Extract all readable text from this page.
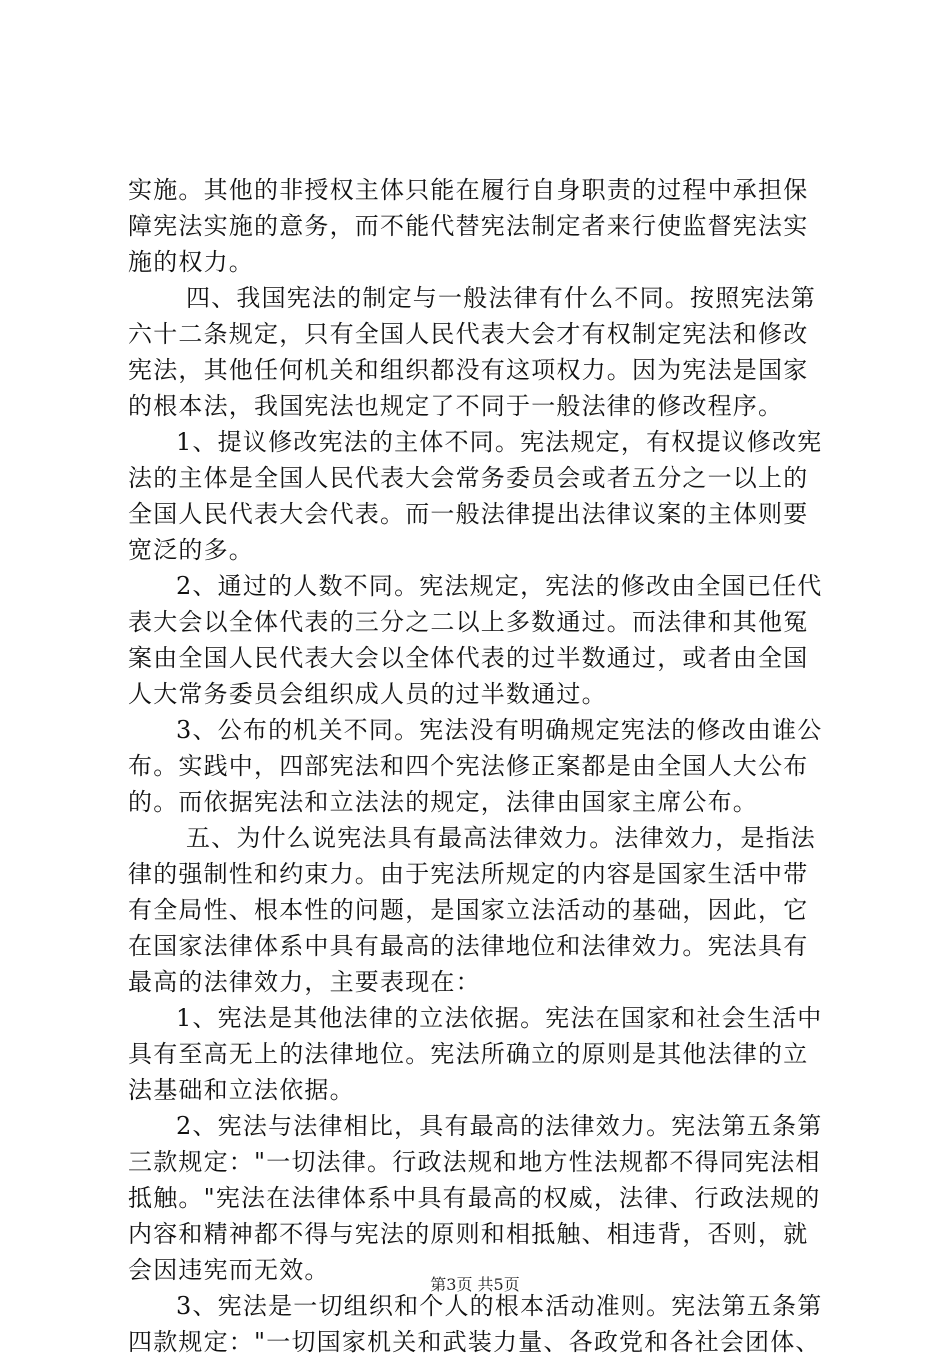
实施。其他的非授权主体只能在履行自身职责的过程中承担保
障宪法实施的意务，而不能代替宪法制定者来行使监督宪法实
施的权力。
四、我国宪法的制定与一般法律有什么不同。按照宪法第
六十二条规定，只有全国人民代表大会才有权制定宪法和修改
宪法，其他任何机关和组织都没有这项权力。因为宪法是国家
的根本法，我国宪法也规定了不同于一般法律的修改程序。
1、提议修改宪法的主体不同。宪法规定，有权提议修改宪
法的主体是全国人民代表大会常务委员会或者五分之一以上的
全国人民代表大会代表。而一般法律提出法律议案的主体则要
宽泛的多。
2、通过的人数不同。宪法规定，宪法的修改由全国已任代
表大会以全体代表的三分之二以上多数通过。而法律和其他冤
案由全国人民代表大会以全体代表的过半数通过，或者由全国
人大常务委员会组织成人员的过半数通过。
3、公布的机关不同。宪法没有明确规定宪法的修改由谁公
布。实践中，四部宪法和四个宪法修正案都是由全国人大公布
的。而依据宪法和立法法的规定，法律由国家主席公布。
五、为什么说宪法具有最高法律效力。法律效力，是指法
律的强制性和约束力。由于宪法所规定的内容是国家生活中带
有全局性、根本性的问题，是国家立法活动的基础，因此，它
在国家法律体系中具有最高的法律地位和法律效力。宪法具有
最高的法律效力，主要表现在：
1、宪法是其他法律的立法依据。宪法在国家和社会生活中
具有至高无上的法律地位。宪法所确立的原则是其他法律的立
法基础和立法依据。
2、宪法与法律相比，具有最高的法律效力。宪法第五条第
三款规定："一切法律。行政法规和地方性法规都不得同宪法相
抵触。"宪法在法律体系中具有最高的权威，法律、行政法规的
内容和精神都不得与宪法的原则和相抵触、相违背，否则，就
会因违宪而无效。
3、宪法是一切组织和个人的根本活动准则。宪法第五条第
四款规定："一切国家机关和武装力量、各政党和各社会团体、
第3页 共5页
